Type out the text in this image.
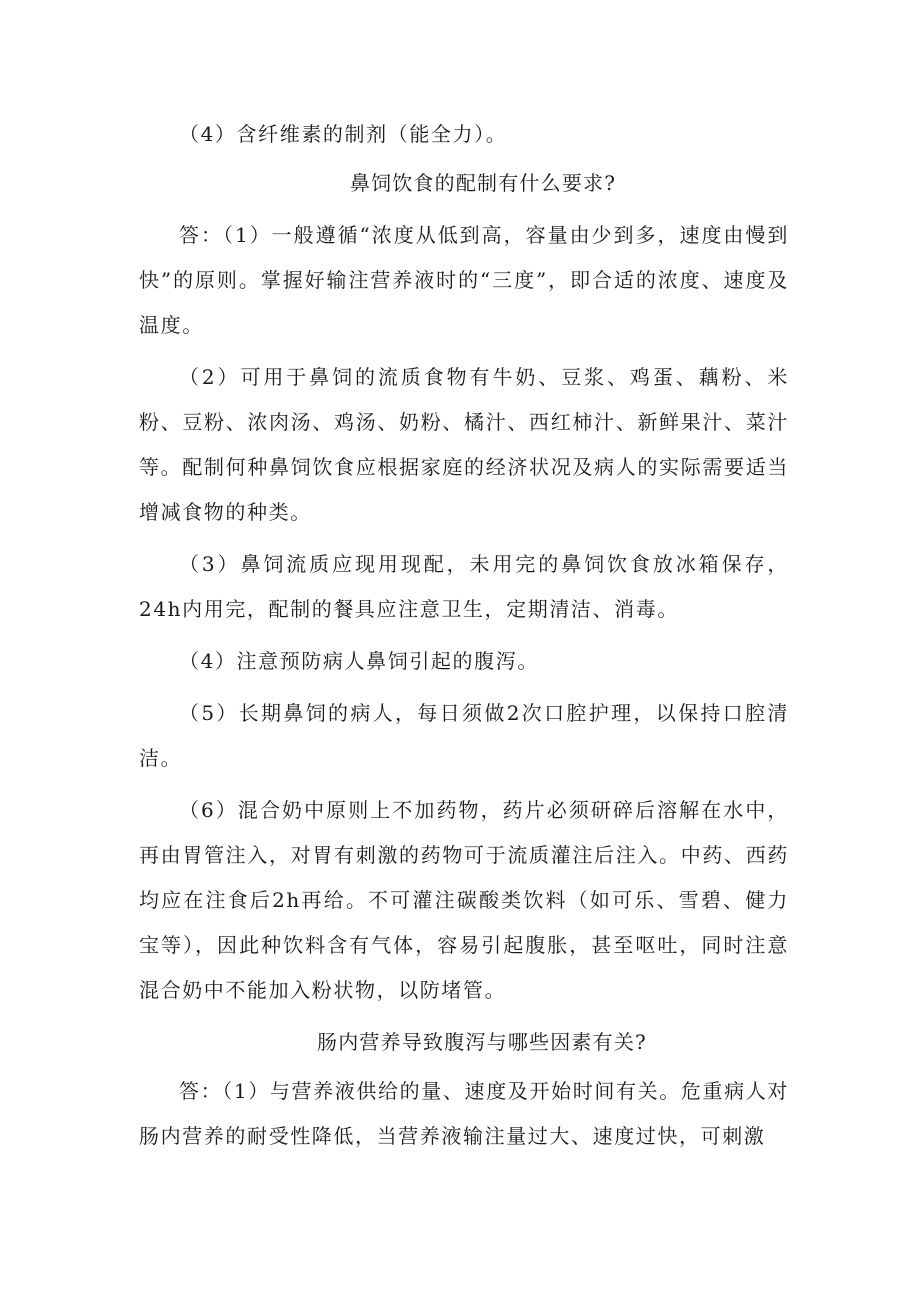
（4）含纤维素的制剂（能全力）。

鼻饲饮食的配制有什么要求?

答：（1）一般遵循“浓度从低到高，容量由少到多，速度由慢到快”的原则。掌握好输注营养液时的“三度”，即合适的浓度、速度及温度。

（2）可用于鼻饲的流质食物有牛奶、豆浆、鸡蛋、藕粉、米粉、豆粉、浓肉汤、鸡汤、奶粉、橘汁、西红柿汁、新鲜果汁、菜汁等。配制何种鼻饲饮食应根据家庭的经济状况及病人的实际需要适当增减食物的种类。

（3）鼻饲流质应现用现配，未用完的鼻饲饮食放冰箱保存，24h内用完，配制的餐具应注意卫生，定期清洁、消毒。

（4）注意预防病人鼻饲引起的腹泻。

（5）长期鼻饲的病人，每日须做2次口腔护理，以保持口腔清洁。

（6）混合奶中原则上不加药物，药片必须研碎后溶解在水中，再由胃管注入，对胃有刺激的药物可于流质灌注后注入。中药、西药均应在注食后2h再给。不可灌注碳酸类饮料（如可乐、雪碧、健力宝等），因此种饮料含有气体，容易引起腹胀，甚至呕吐，同时注意混合奶中不能加入粉状物，以防堵管。

肠内营养导致腹泻与哪些因素有关?

答：（1）与营养液供给的量、速度及开始时间有关。危重病人对肠内营养的耐受性降低，当营养液输注量过大、速度过快，可刺激
